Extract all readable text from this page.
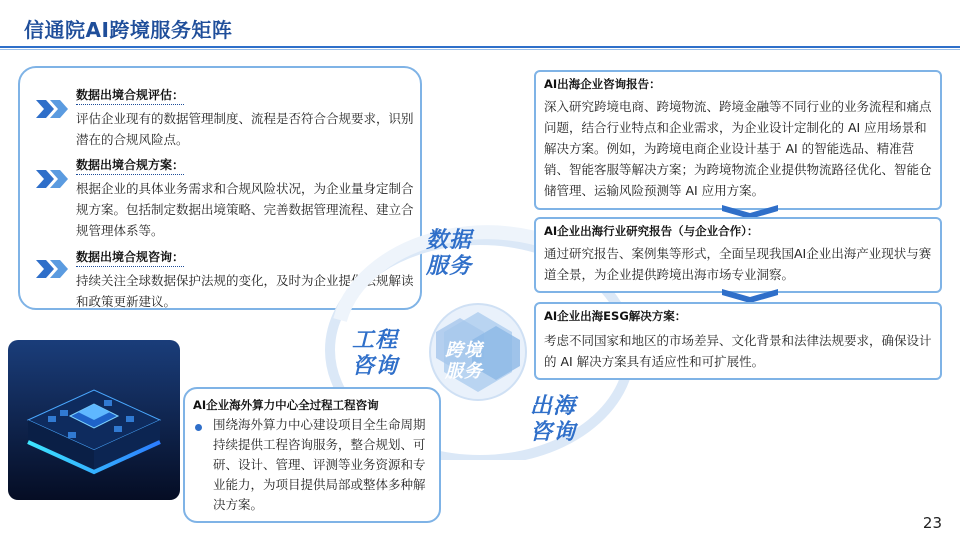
信通院AI跨境服务矩阵
数据出境合规评估：
评估企业现有的数据管理制度、流程是否符合合规要求，识别潜在的合规风险点。
数据出境合规方案：
根据企业的具体业务需求和合规风险状况，为企业量身定制合规方案。包括制定数据出境策略、完善数据管理流程、建立合规管理体系等。
数据出境合规咨询：
持续关注全球数据保护法规的变化，及时为企业提供法规解读和政策更新建议。
跨境
服务
数据
服务
工程
咨询
出海
咨询
AI出海企业咨询报告：
深入研究跨境电商、跨境物流、跨境金融等不同行业的业务流程和痛点问题，结合行业特点和企业需求，为企业设计定制化的 AI 应用场景和解决方案。例如，为跨境电商企业设计基于 AI 的智能选品、精准营销、智能客服等解决方案；为跨境物流企业提供物流路径优化、智能仓储管理、运输风险预测等 AI 应用方案。
AI企业出海行业研究报告（与企业合作）：
通过研究报告、案例集等形式，全面呈现我国AI企业出海产业现状与赛道全景，为企业提供跨境出海市场专业洞察。
AI企业出海ESG解决方案：
考虑不同国家和地区的市场差异、文化背景和法律法规要求，确保设计的 AI 解决方案具有适应性和可扩展性。
AI企业海外算力中心全过程工程咨询
围绕海外算力中心建设项目全生命周期持续提供工程咨询服务，整合规划、可研、设计、管理、评测等业务资源和专业能力，为项目提供局部或整体多种解决方案。
23
